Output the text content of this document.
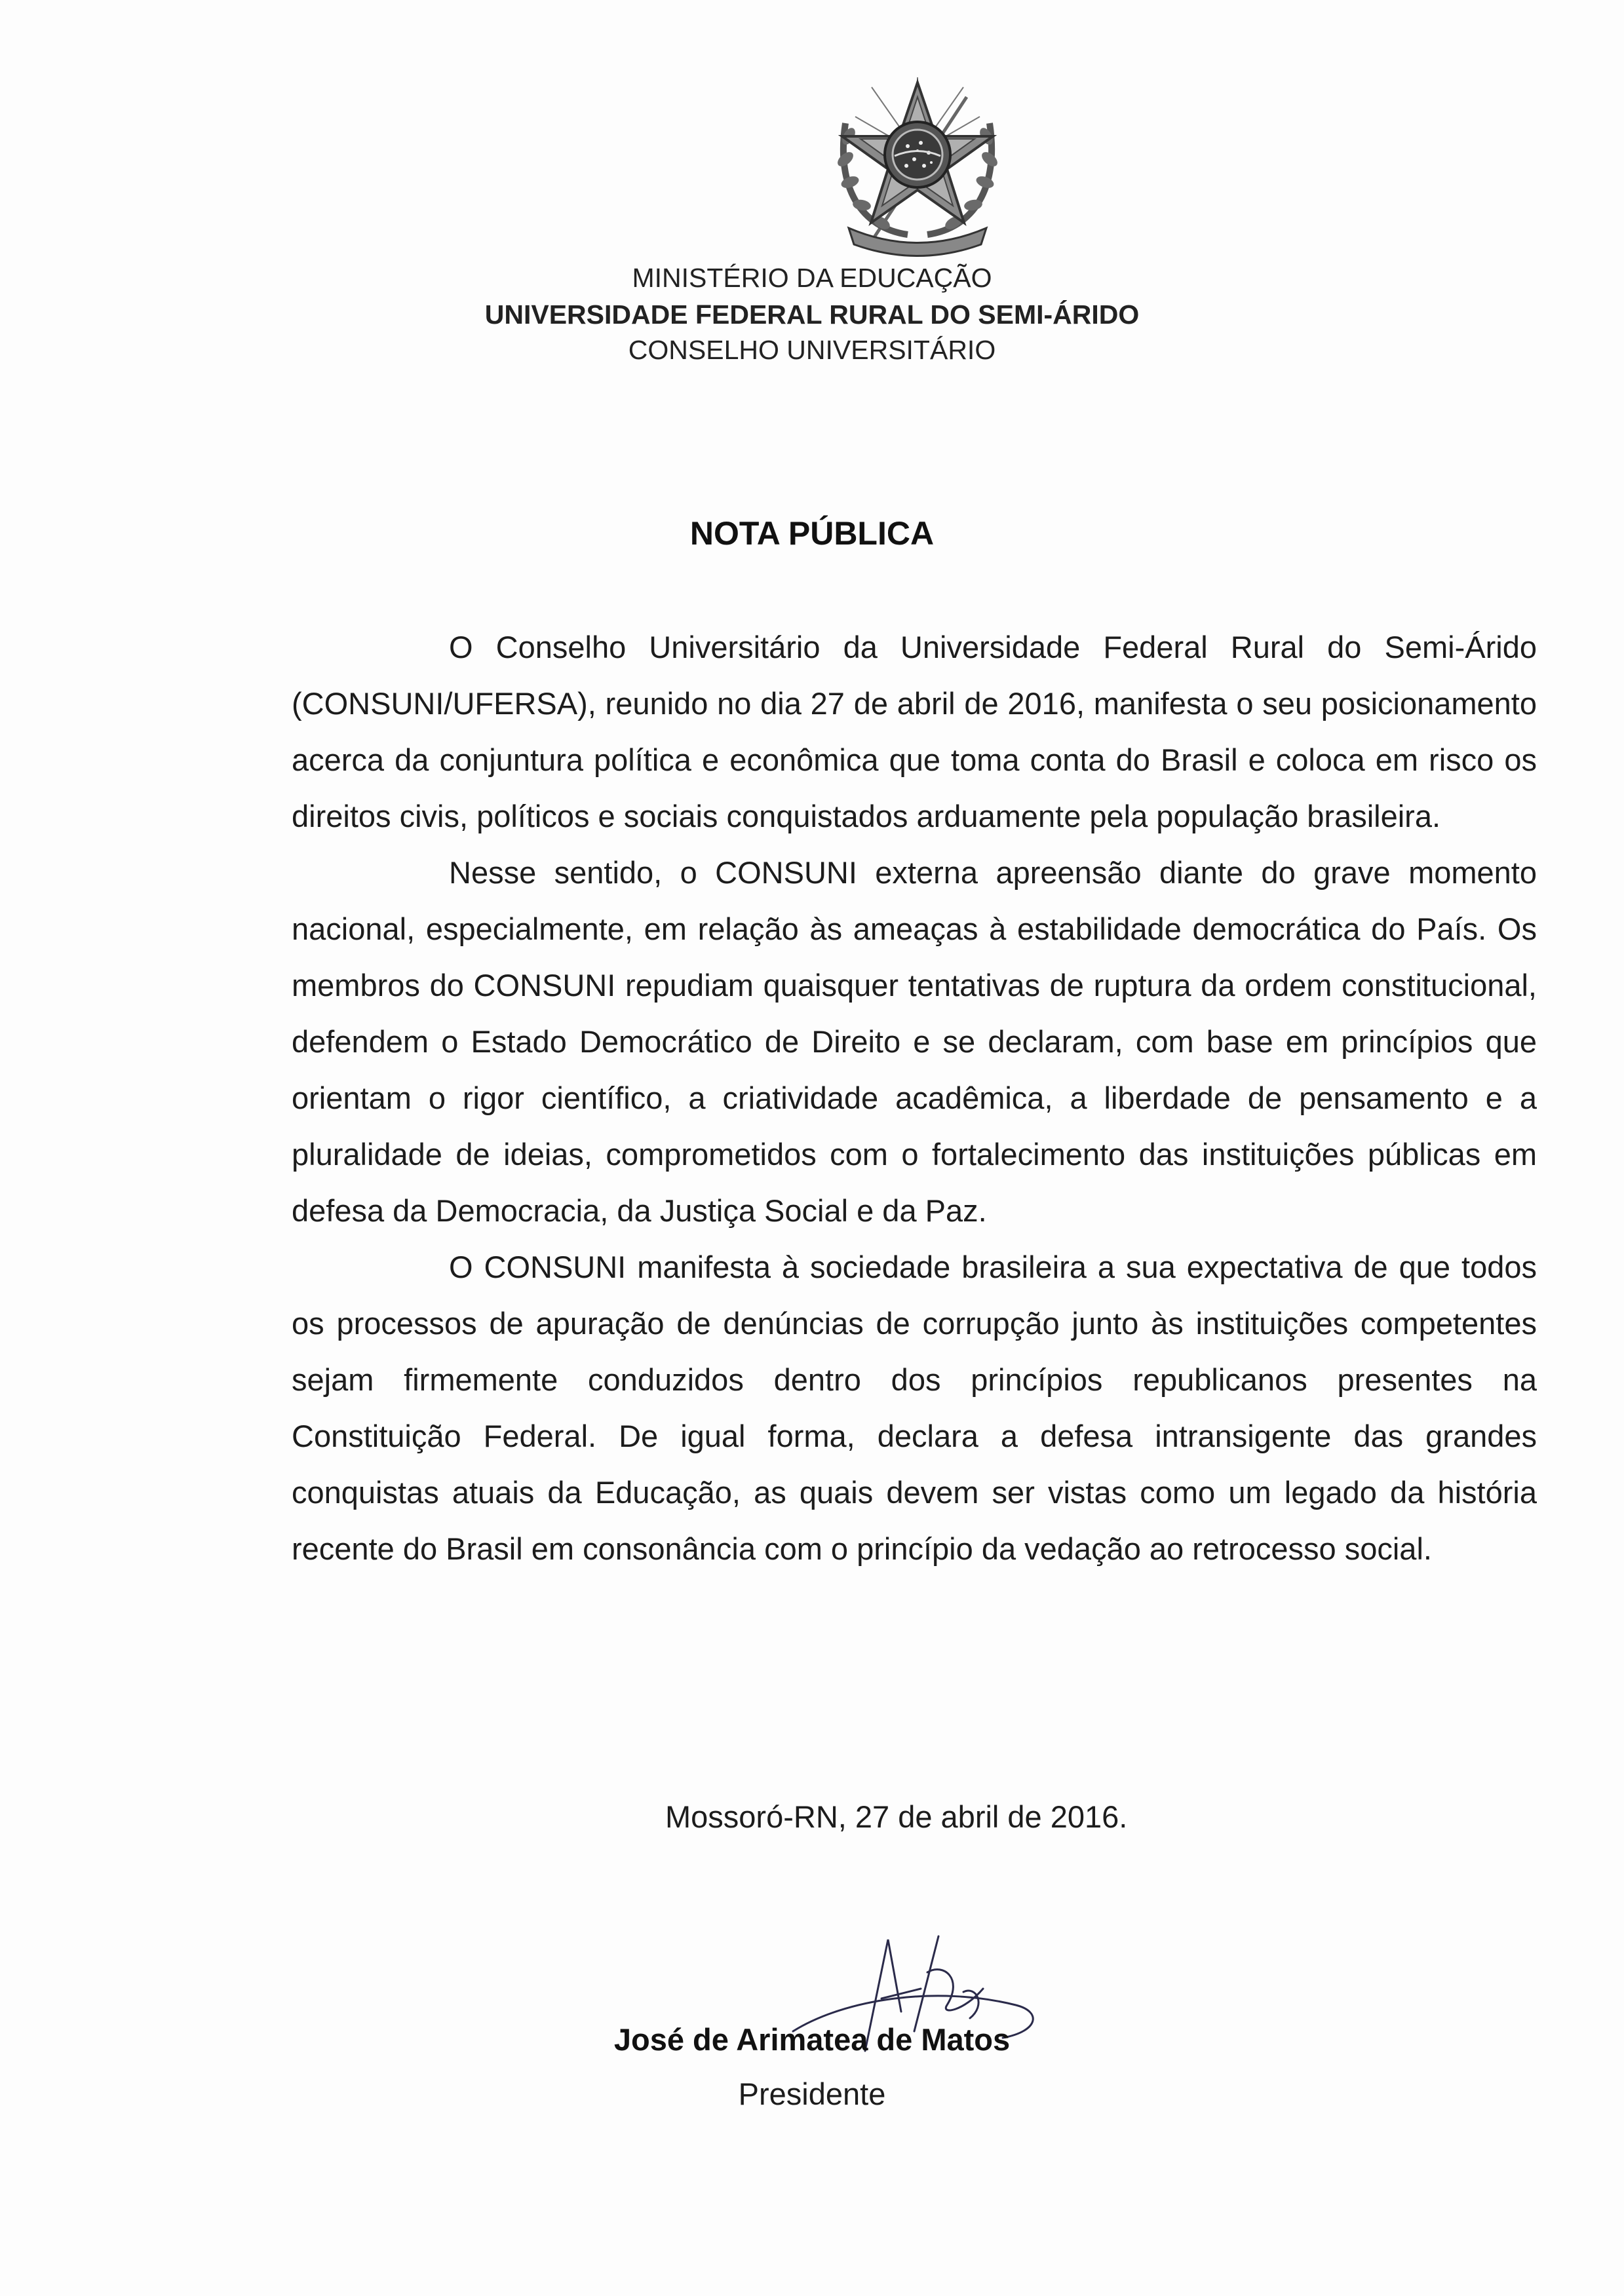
MINISTÉRIO DA EDUCAÇÃO
UNIVERSIDADE FEDERAL RURAL DO SEMI-ÁRIDO
CONSELHO UNIVERSITÁRIO
NOTA PÚBLICA

O Conselho Universitário da Universidade Federal Rural do Semi-Árido (CONSUNI/UFERSA), reunido no dia 27 de abril de 2016, manifesta o seu posicionamento acerca da conjuntura política e econômica que toma conta do Brasil e coloca em risco os direitos civis, políticos e sociais conquistados arduamente pela população brasileira.

Nesse sentido, o CONSUNI externa apreensão diante do grave momento nacional, especialmente, em relação às ameaças à estabilidade democrática do País. Os membros do CONSUNI repudiam quaisquer tentativas de ruptura da ordem constitucional, defendem o Estado Democrático de Direito e se declaram, com base em princípios que orientam o rigor científico, a criatividade acadêmica, a liberdade de pensamento e a pluralidade de ideias, comprometidos com o fortalecimento das instituições públicas em defesa da Democracia, da Justiça Social e da Paz.

O CONSUNI manifesta à sociedade brasileira a sua expectativa de que todos os processos de apuração de denúncias de corrupção junto às instituições competentes sejam firmemente conduzidos dentro dos princípios republicanos presentes na Constituição Federal. De igual forma, declara a defesa intransigente das grandes conquistas atuais da Educação, as quais devem ser vistas como um legado da história recente do Brasil em consonância com o princípio da vedação ao retrocesso social.

Mossoró-RN, 27 de abril de 2016.
José de Arimatea de Matos
Presidente
